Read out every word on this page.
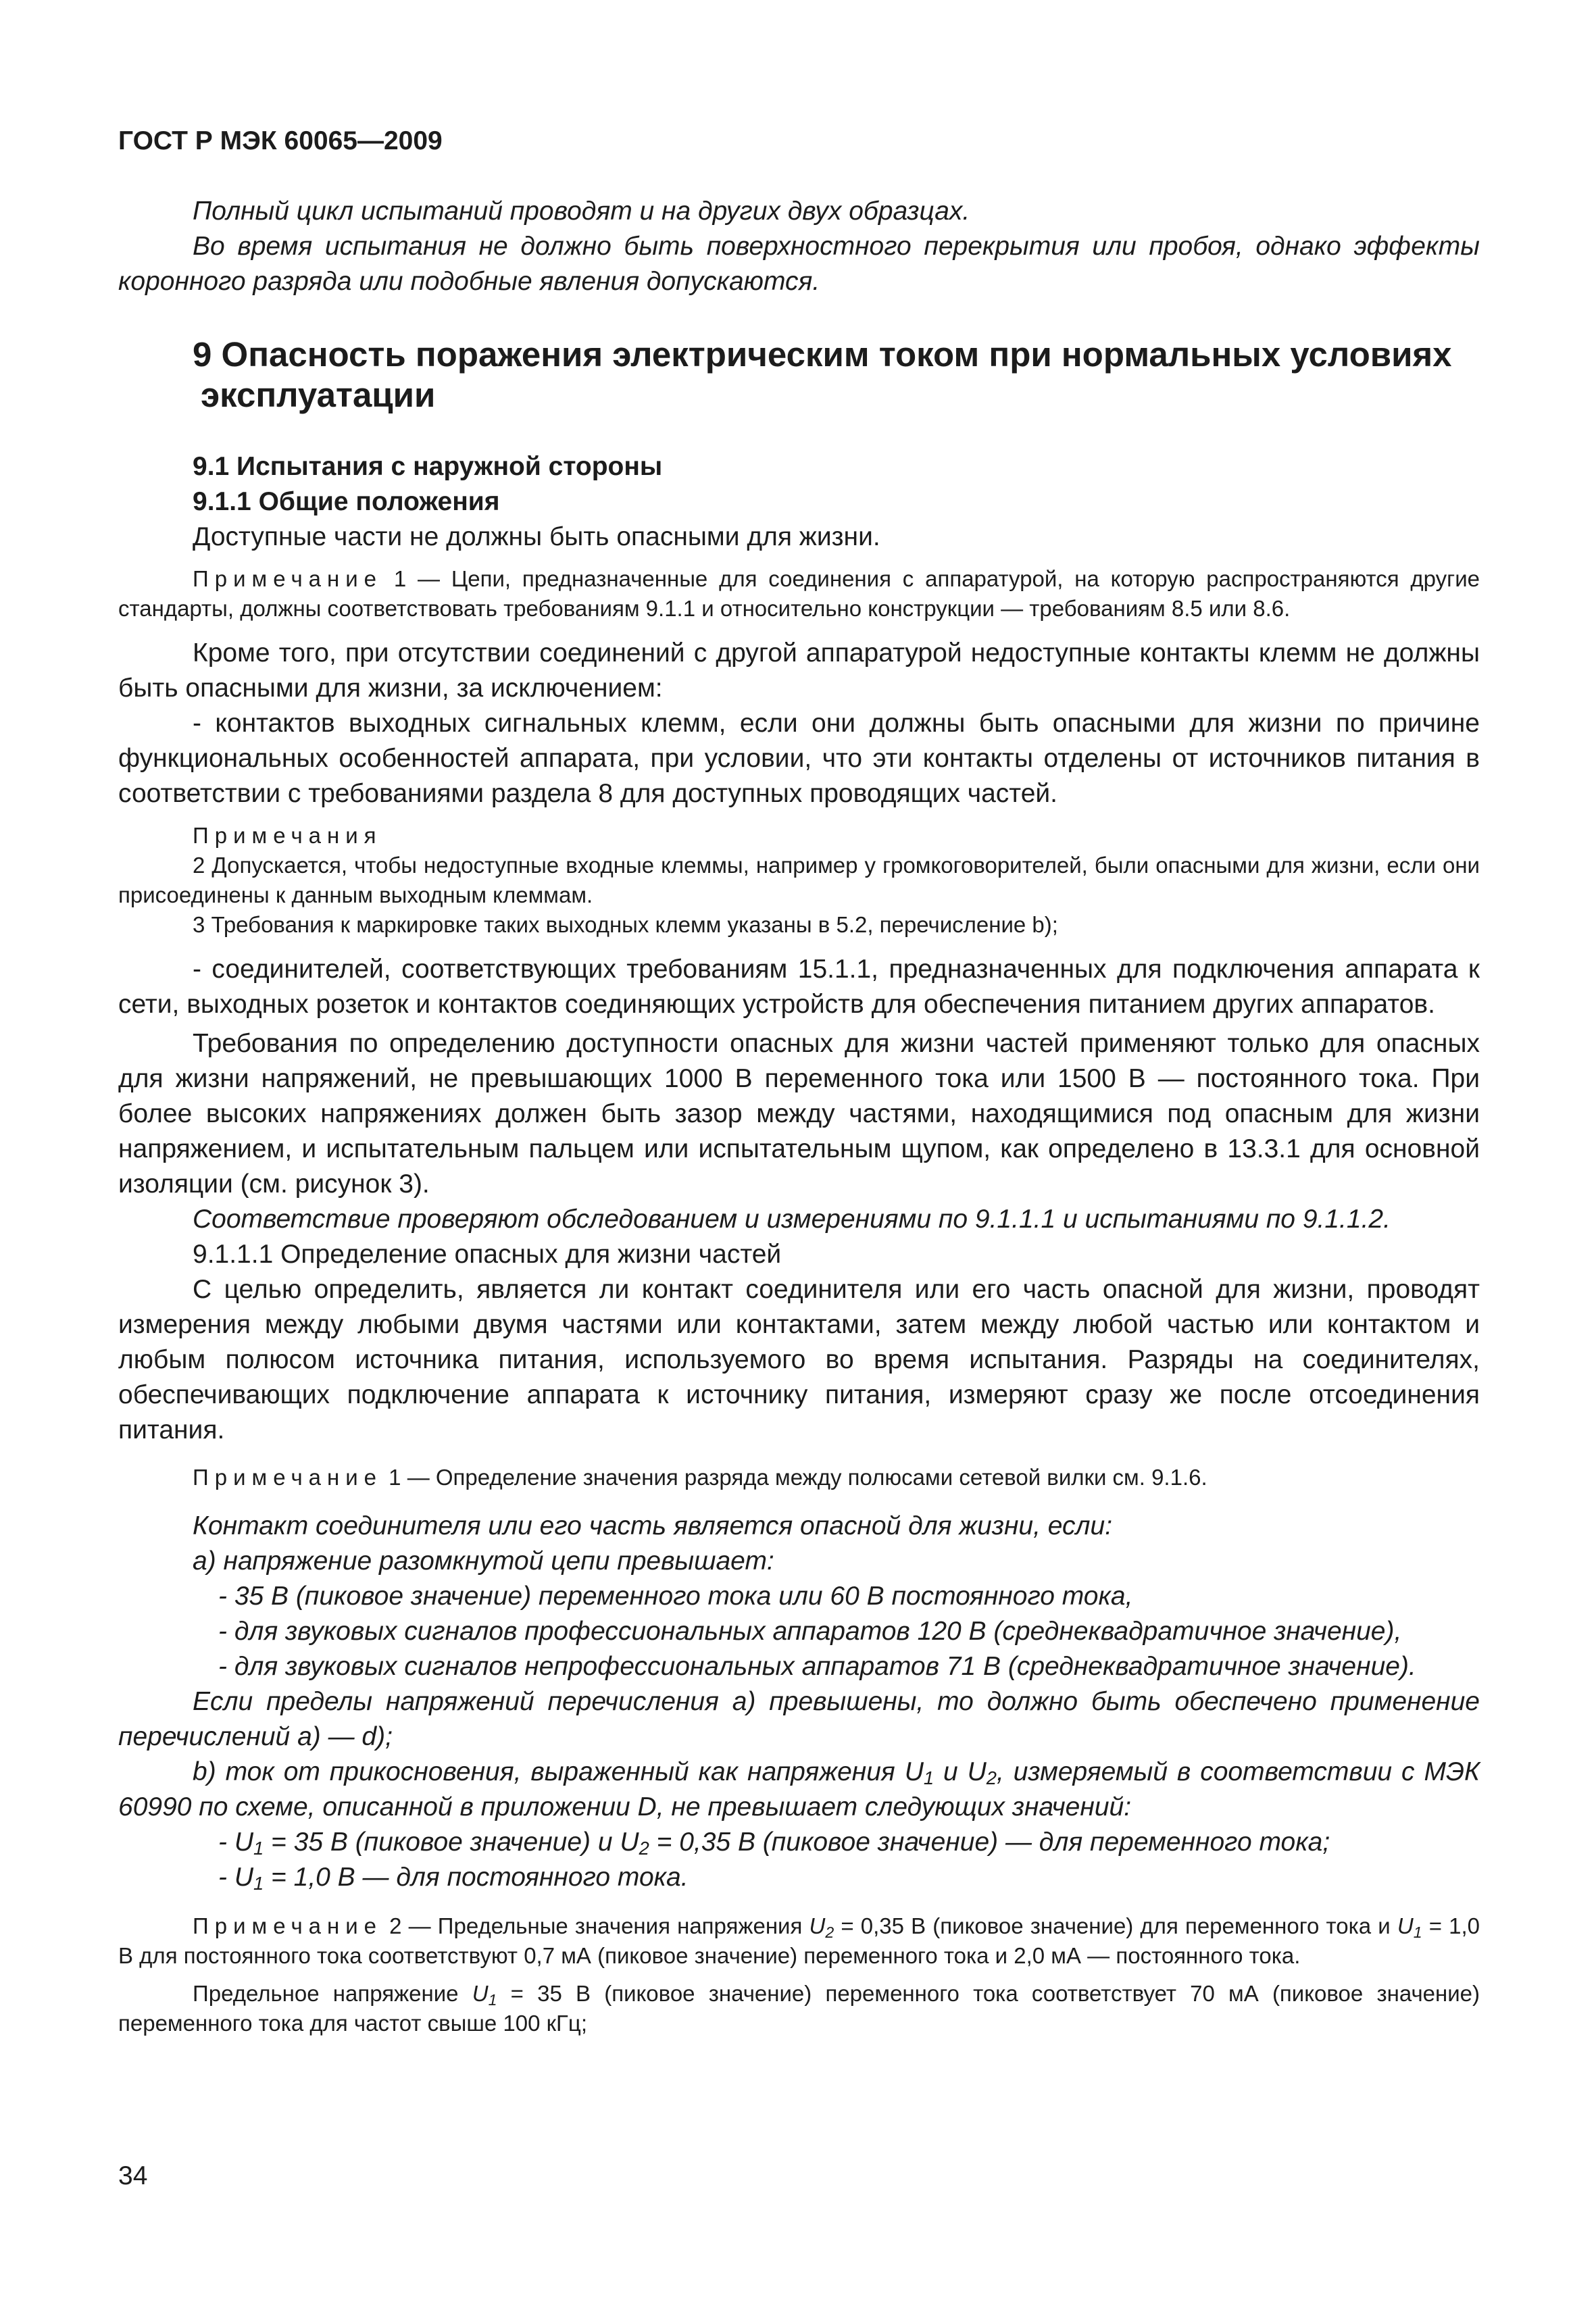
ГОСТ Р МЭК 60065—2009

Полный цикл испытаний проводят и на других двух образцах.

Во время испытания не должно быть поверхностного перекрытия или пробоя, однако эффекты коронного разряда или подобные явления допускаются.

9 Опасность поражения электрическим током при нормальных условиях
эксплуатации

9.1 Испытания с наружной стороны

9.1.1 Общие положения

Доступные части не должны быть опасными для жизни.

Примечание 1 — Цепи, предназначенные для соединения с аппаратурой, на которую распространяются другие стандарты, должны соответствовать требованиям 9.1.1 и относительно конструкции — требованиям 8.5 или 8.6.

Кроме того, при отсутствии соединений с другой аппаратурой недоступные контакты клемм не должны быть опасными для жизни, за исключением:

- контактов выходных сигнальных клемм, если они должны быть опасными для жизни по причине функциональных особенностей аппарата, при условии, что эти контакты отделены от источников питания в соответствии с требованиями раздела 8 для доступных проводящих частей.

Примечания
2 Допускается, чтобы недоступные входные клеммы, например у громкоговорителей, были опасными для жизни, если они присоединены к данным выходным клеммам.
3 Требования к маркировке таких выходных клемм указаны в 5.2, перечисление b);

- соединителей, соответствующих требованиям 15.1.1, предназначенных для подключения аппарата к сети, выходных розеток и контактов соединяющих устройств для обеспечения питанием других аппаратов.

Требования по определению доступности опасных для жизни частей применяют только для опасных для жизни напряжений, не превышающих 1000 В переменного тока или 1500 В — постоянного тока. При более высоких напряжениях должен быть зазор между частями, находящимися под опасным для жизни напряжением, и испытательным пальцем или испытательным щупом, как определено в 13.3.1 для основной изоляции (см. рисунок 3).

Соответствие проверяют обследованием и измерениями по 9.1.1.1 и испытаниями по 9.1.1.2.

9.1.1.1 Определение опасных для жизни частей

С целью определить, является ли контакт соединителя или его часть опасной для жизни, проводят измерения между любыми двумя частями или контактами, затем между любой частью или контактом и любым полюсом источника питания, используемого во время испытания. Разряды на соединителях, обеспечивающих подключение аппарата к источнику питания, измеряют сразу же после отсоединения питания.

Примечание 1 — Определение значения разряда между полюсами сетевой вилки см. 9.1.6.

Контакт соединителя или его часть является опасной для жизни, если:

а) напряжение разомкнутой цепи превышает:

- 35 В (пиковое значение) переменного тока или 60 В постоянного тока,

- для звуковых сигналов профессиональных аппаратов 120 В (среднеквадратичное значение),

- для звуковых сигналов непрофессиональных аппаратов 71 В (среднеквадратичное значение).

Если пределы напряжений перечисления а) превышены, то должно быть обеспечено применение перечислений а) — d);

b) ток от прикосновения, выраженный как напряжения $U_1$ и $U_2$, измеряемый в соответствии с МЭК 60990 по схеме, описанной в приложении D, не превышает следующих значений:

- $U_1 = 35$ В (пиковое значение) и $U_2 = 0,35$ В (пиковое значение) — для переменного тока;

- $U_1 = 1,0$ В — для постоянного тока.

Примечание 2 — Предельные значения напряжения $U_2 = 0,35$ В (пиковое значение) для переменного тока и $U_1 = 1,0$ В для постоянного тока соответствуют 0,7 мА (пиковое значение) переменного тока и 2,0 мА — постоянного тока.

Предельное напряжение $U_1 = 35$ В (пиковое значение) переменного тока соответствует 70 мА (пиковое значение) переменного тока для частот свыше 100 кГц;

34
